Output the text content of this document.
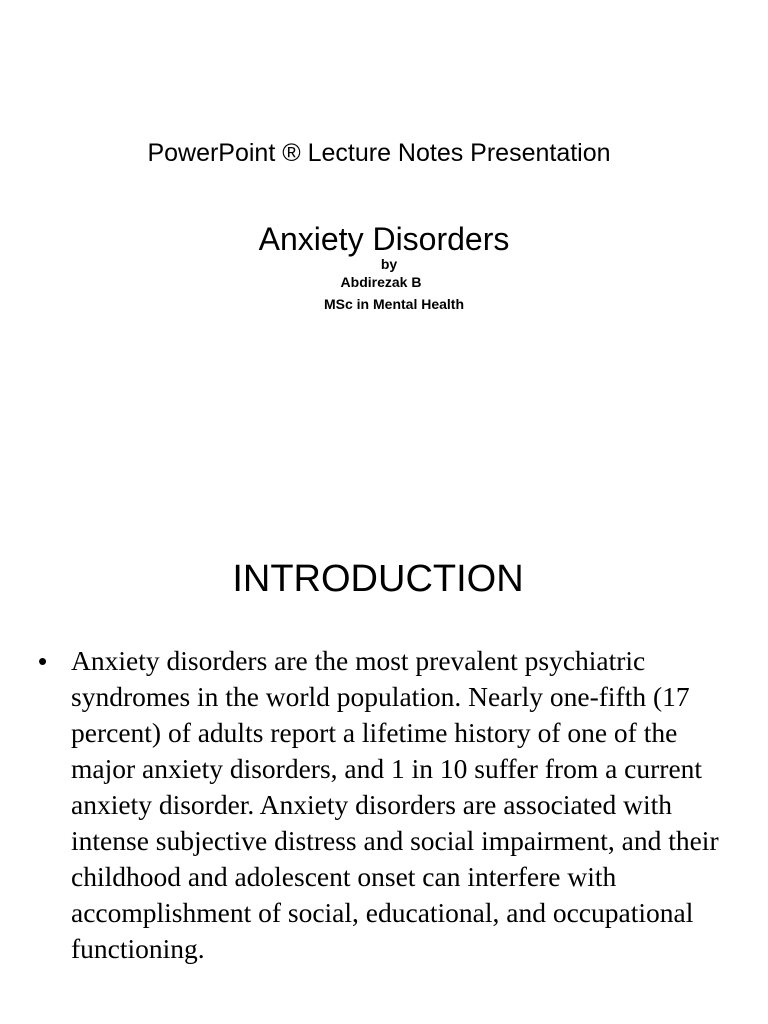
PowerPoint ® Lecture Notes Presentation
Anxiety Disorders
by
Abdirezak B
MSc in Mental Health
INTRODUCTION
• Anxiety disorders are the most prevalent psychiatric syndromes in the world population. Nearly one-fifth (17 percent) of adults report a lifetime history of one of the major anxiety disorders, and 1 in 10 suffer from a current anxiety disorder. Anxiety disorders are associated with intense subjective distress and social impairment, and their childhood and adolescent onset can interfere with accomplishment of social, educational, and occupational functioning.
